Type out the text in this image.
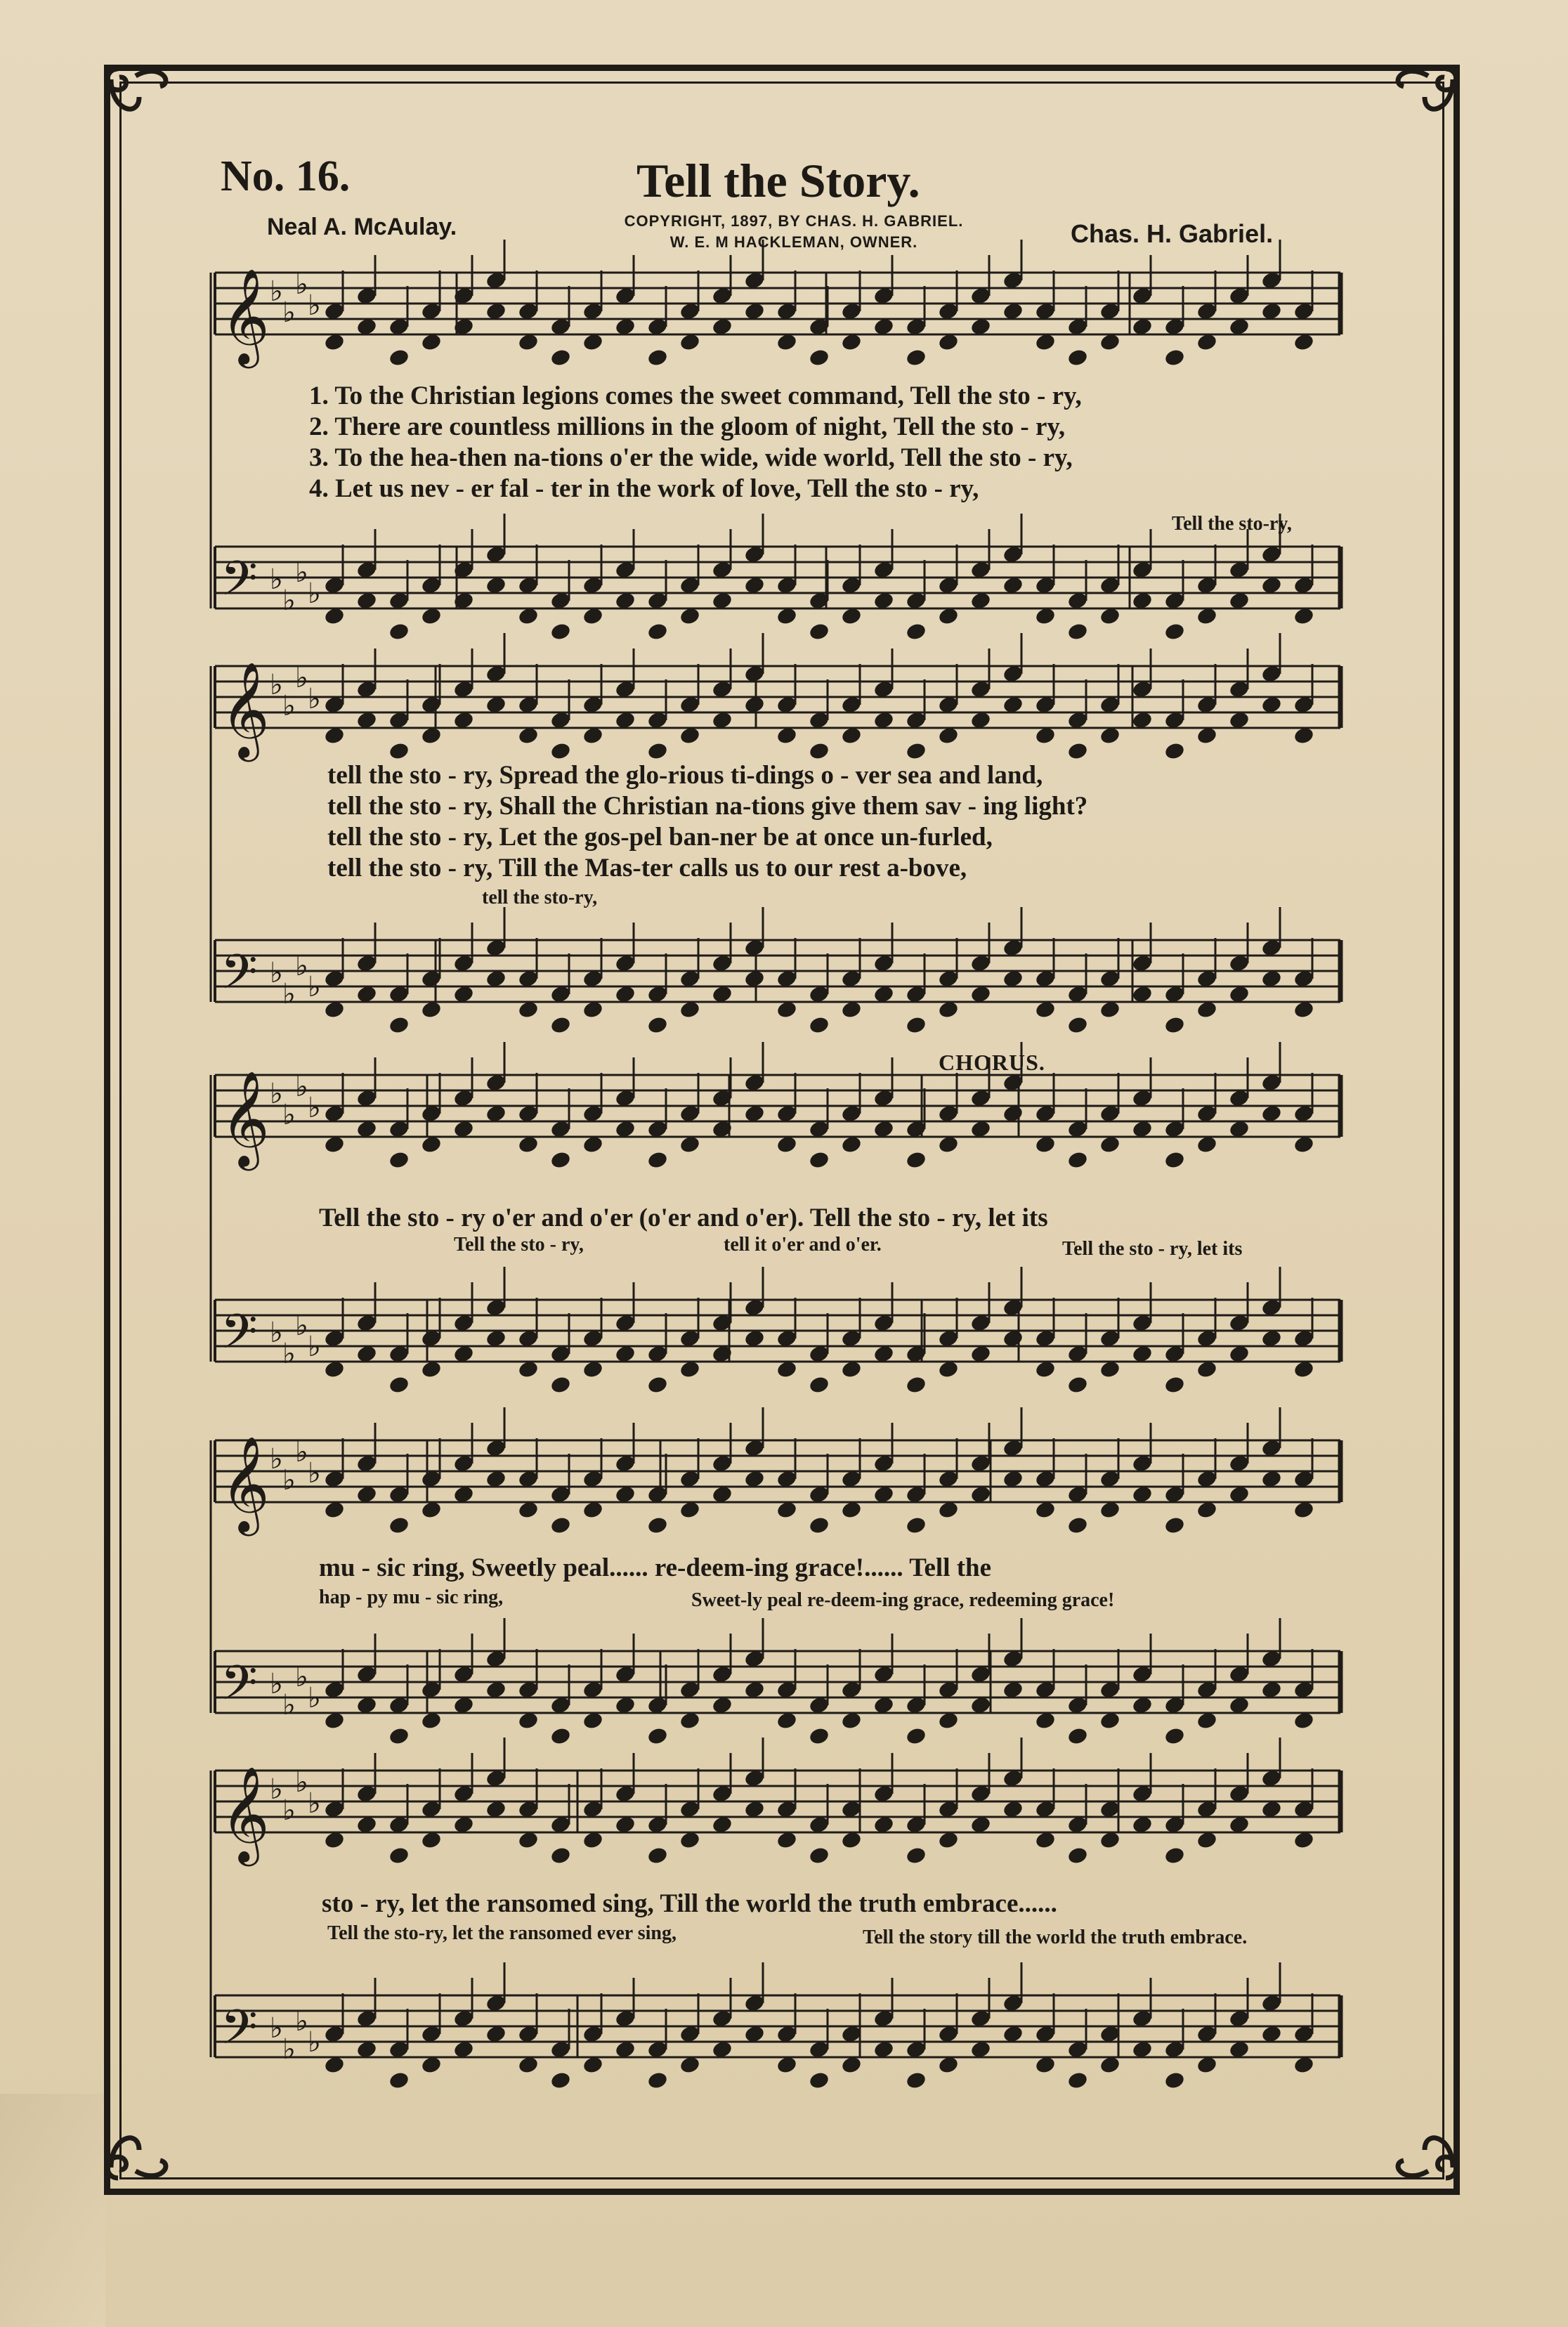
No. 16.	Tell the Story.
Neal A. McAulay.	Chas. H. Gabriel.
COPYRIGHT, 1897, BY CHAS. H. GABRIEL.
W. E. M HACKLEMAN, OWNER.
𝄞 ♭
♭
♭
♭
𝄢 ♭
♭
♭
♭
𝄞 ♭
♭
♭
♭
𝄢 ♭
♭
♭
♭
𝄞 ♭
♭
♭
♭
𝄢 ♭
♭
♭
♭
𝄞 ♭
♭
♭
♭
𝄢 ♭
♭
♭
♭
𝄞 ♭
♭
♭
♭
𝄢 ♭
♭
♭
♭
1. To the Christian legions comes the sweet command, Tell the sto - ry,
2. There are countless millions in the gloom of night, Tell the sto - ry,
3. To the hea-then na-tions o'er the wide, wide world, Tell the sto - ry,
4. Let us nev - er fal - ter in the work of love, Tell the sto - ry,
Tell the sto-ry,
tell the sto - ry, Spread the glo-rious ti-dings o - ver sea and land,
tell the sto - ry, Shall the Christian na-tions give them sav - ing light?
tell the sto - ry, Let the gos-pel ban-ner be at once un-furled,
tell the sto - ry, Till the Mas-ter calls us to our rest a-bove,
tell the sto-ry,
CHORUS.
Tell the sto - ry o'er and o'er (o'er and o'er). Tell the sto - ry, let its
Tell the sto - ry,	tell it o'er and o'er.	Tell the sto - ry, let its
mu - sic ring, Sweetly peal...... re-deem-ing grace!...... Tell the
hap - py mu - sic ring,	Sweet-ly peal re-deem-ing grace, redeeming grace!
sto - ry, let the ransomed sing, Till the world the truth embrace......
Tell the sto-ry, let the ransomed ever sing,	Tell the story till the world the truth embrace.
